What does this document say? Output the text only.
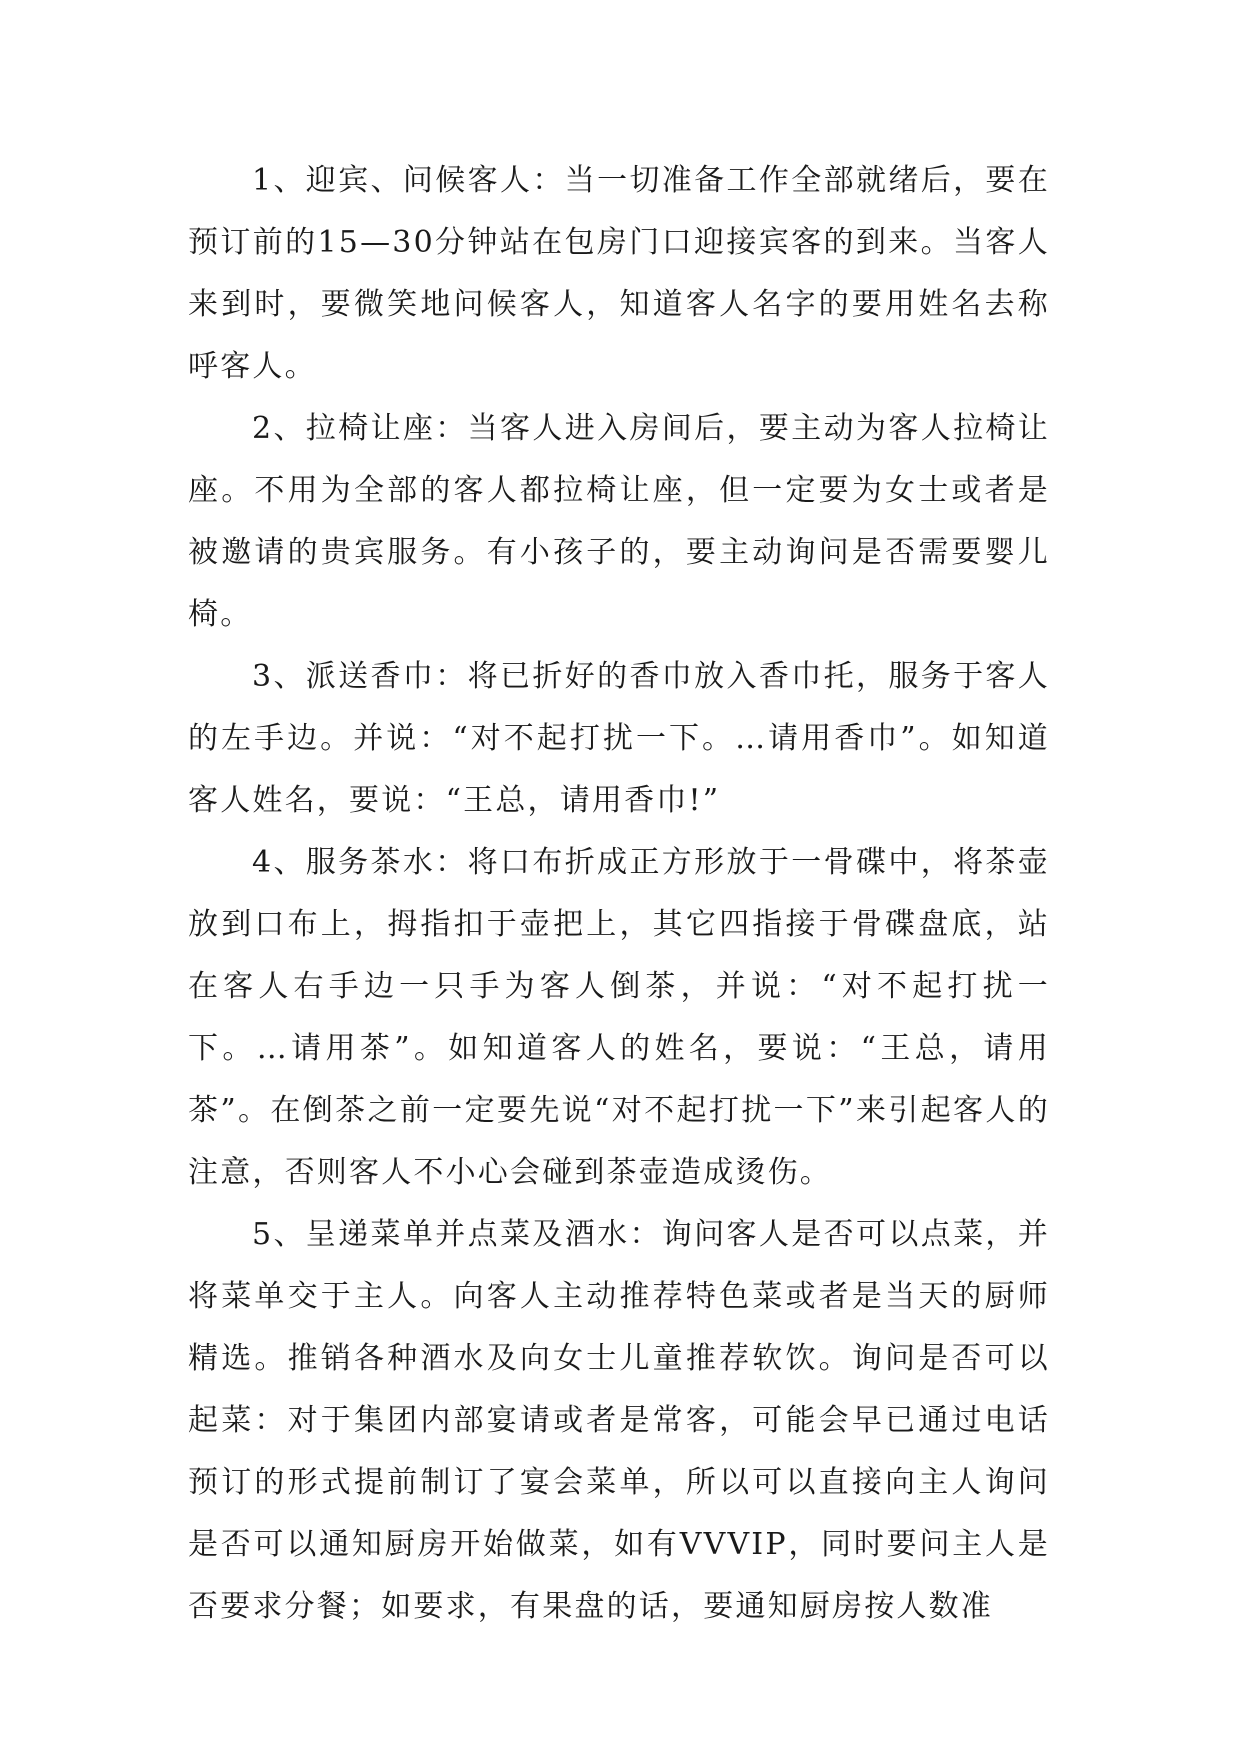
1、迎宾、问候客人：当一切准备工作全部就绪后，要在预订前的15—30分钟站在包房门口迎接宾客的到来。当客人来到时，要微笑地问候客人，知道客人名字的要用姓名去称呼客人。

2、拉椅让座：当客人进入房间后，要主动为客人拉椅让座。不用为全部的客人都拉椅让座，但一定要为女士或者是被邀请的贵宾服务。有小孩子的，要主动询问是否需要婴儿椅。

3、派送香巾：将已折好的香巾放入香巾托，服务于客人的左手边。并说：“对不起打扰一下。…请用香巾”。如知道客人姓名，要说：“王总，请用香巾!”

4、服务茶水：将口布折成正方形放于一骨碟中，将茶壶放到口布上，拇指扣于壶把上，其它四指接于骨碟盘底，站在客人右手边一只手为客人倒茶，并说：“对不起打扰一下。…请用茶”。如知道客人的姓名，要说：“王总，请用茶”。在倒茶之前一定要先说“对不起打扰一下”来引起客人的注意，否则客人不小心会碰到茶壶造成烫伤。

5、呈递菜单并点菜及酒水：询问客人是否可以点菜，并将菜单交于主人。向客人主动推荐特色菜或者是当天的厨师精选。推销各种酒水及向女士儿童推荐软饮。询问是否可以起菜：对于集团内部宴请或者是常客，可能会早已通过电话预订的形式提前制订了宴会菜单，所以可以直接向主人询问是否可以通知厨房开始做菜，如有VVVIP，同时要问主人是否要求分餐；如要求，有果盘的话，要通知厨房按人数准
